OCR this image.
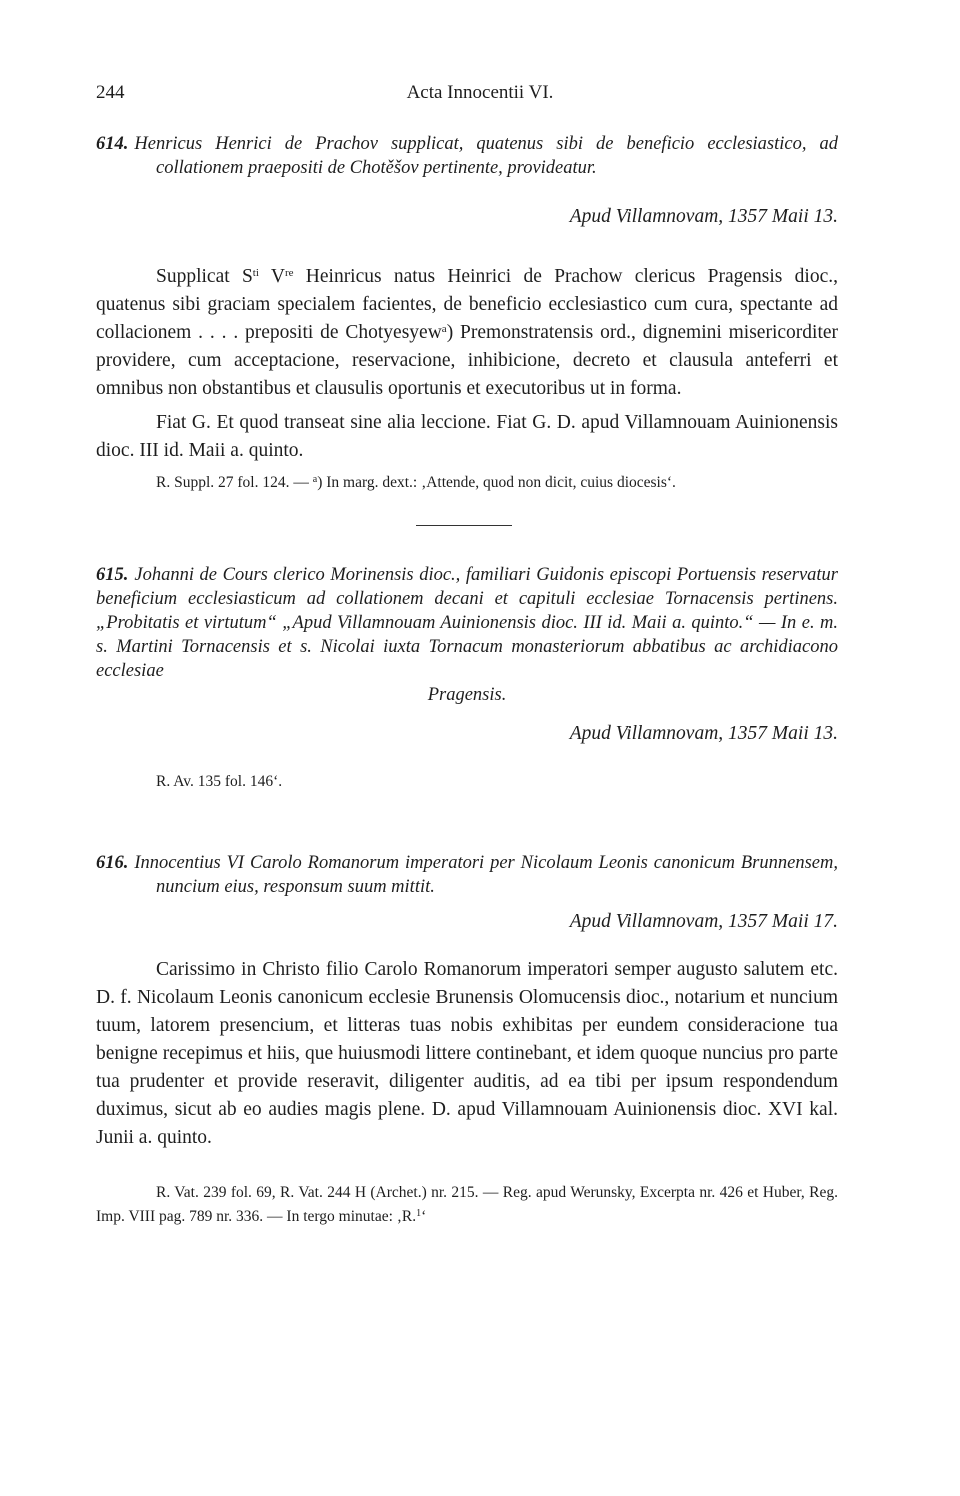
244	Acta Innocentii VI.

614. Henricus Henrici de Prachov supplicat, quatenus sibi de beneficio ecclesiastico, ad collationem praepositi de Chotěšov pertinente, provideatur.

Apud Villamnovam, 1357 Maii 13.

Supplicat $S^{ti}$ Vre Heinricus natus Heinrici de Prachow clericus Pragensis dioc., quatenus sibi graciam specialem facientes, de beneficio ecclesiastico cum cura, spectante ad collacionem . . . . prepositi de Chotyesyew$^a$) Premonstratensis ord., dignemini misericorditer providere, cum acceptacione, reservacione, inhibicione, decreto et clausula anteferri et omnibus non obstantibus et clausulis oportunis et executoribus ut in forma.

Fiat G. Et quod transeat sine alia leccione. Fiat G. D. apud Villamnouam Auinionensis dioc. III id. Maii a. quinto.

R. Suppl. 27 fol. 124. — $^a$) In marg. dext.: ‚Attende, quod non dicit, cuius diocesis‘.

615. Johanni de Cours clerico Morinensis dioc., familiari Guidonis episcopi Portuensis reservatur beneficium ecclesiasticum ad collationem decani et capituli ecclesiae Tornacensis pertinens. „Probitatis et virtutum“ „Apud Villamnouam Auinionensis dioc. III id. Maii a. quinto.“ — In e. m. s. Martini Tornacensis et s. Nicolai iuxta Tornacum monasteriorum abbatibus ac archidiacono ecclesiae

Pragensis.

Apud Villamnovam, 1357 Maii 13.

R. Av. 135 fol. 146‘.

616. Innocentius VI Carolo Romanorum imperatori per Nicolaum Leonis canonicum Brunnensem, nuncium eius, responsum suum mittit.

Apud Villamnovam, 1357 Maii 17.

Carissimo in Christo filio Carolo Romanorum imperatori semper augusto salutem etc. D. f. Nicolaum Leonis canonicum ecclesie Brunensis Olomucensis dioc., notarium et nuncium tuum, latorem presencium, et litteras tuas nobis exhibitas per eundem consideracione tua benigne recepimus et hiis, que huiusmodi littere continebant, et idem quoque nuncius pro parte tua prudenter et provide reseravit, diligenter auditis, ad ea tibi per ipsum respondendum duximus, sicut ab eo audies magis plene. D. apud Villamnouam Auinionensis dioc. XVI kal. Junii a. quinto.

R. Vat. 239 fol. 69, R. Vat. 244 H (Archet.) nr. 215. — Reg. apud Werunsky, Excerpta nr. 426 et Huber, Reg. Imp. VIII pag. 789 nr. 336. — In tergo minutae: ‚R.$^1$‘
